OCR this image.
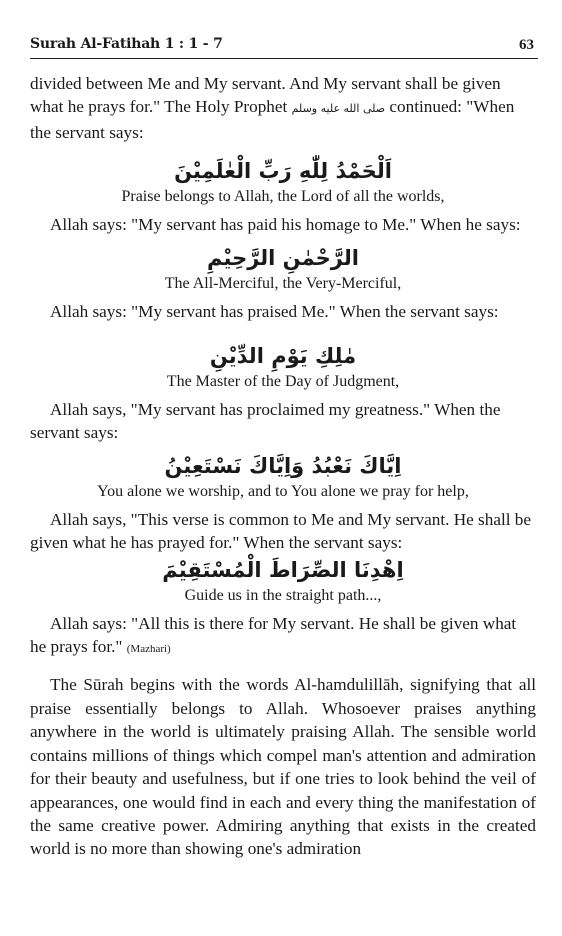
Surah Al-Fatihah 1 : 1 - 7	63

divided between Me and My servant. And My servant shall be given what he prays for." The Holy Prophet صلى الله عليه وسلم continued: "When the servant says:

اَلْحَمْدُ لِلّٰهِ رَبِّ الْعٰلَمِيْنَ

Praise belongs to Allah, the Lord of all the worlds,

Allah says: "My servant has paid his homage to Me." When he says:

الرَّحْمٰنِ الرَّحِيْمِ

The All-Merciful, the Very-Merciful,

Allah says: "My servant has praised Me." When the servant says:

مٰلِكِ يَوْمِ الدِّيْنِ

The Master of the Day of Judgment,

Allah says, "My servant has proclaimed my greatness." When the servant says:

اِيَّاكَ نَعْبُدُ وَاِيَّاكَ نَسْتَعِيْنُ

You alone we worship, and to You alone we pray for help,

Allah says, "This verse is common to Me and My servant. He shall be given what he has prayed for." When the servant says:

اِهْدِنَا الصِّرَاطَ الْمُسْتَقِيْمَ

Guide us in the straight path...,

Allah says: "All this is there for My servant. He shall be given what he prays for." (Mazhari)

The Sūrah begins with the words Al-hamdulillāh, signifying that all praise essentially belongs to Allah. Whosoever praises anything anywhere in the world is ultimately praising Allah. The sensible world contains millions of things which compel man's attention and admiration for their beauty and usefulness, but if one tries to look behind the veil of appearances, one would find in each and every thing the manifestation of the same creative power. Admiring anything that exists in the created world is no more than showing one's admiration
